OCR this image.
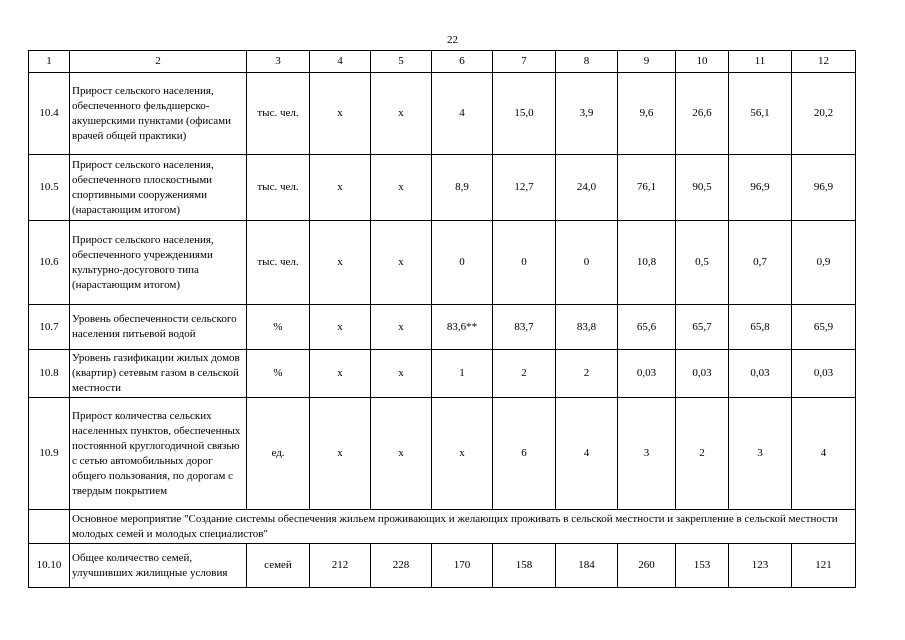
22
1	2	3	4	5	6	7	8	9	10	11	12
10.4	Прирост сельского населения, обеспеченного фельдшерско-акушерскими пунктами (офисами врачей общей практики)	тыс. чел.	х	х	4	15,0	3,9	9,6	26,6	56,1	20,2
10.5	Прирост сельского населения, обеспеченного плоскостными спортивными сооружениями (нарастающим итогом)	тыс. чел.	х	х	8,9	12,7	24,0	76,1	90,5	96,9	96,9
10.6	Прирост сельского населения, обеспеченного учреждениями культурно-досугового типа (нарастающим итогом)	тыс. чел.	х	х	0	0	0	10,8	0,5	0,7	0,9
10.7	Уровень обеспеченности сельского населения питьевой водой	%	х	х	83,6**	83,7	83,8	65,6	65,7	65,8	65,9
10.8	Уровень газификации жилых домов (квартир) сетевым газом в сельской местности	%	х	х	1	2	2	0,03	0,03	0,03	0,03
10.9	Прирост количества сельских населенных пунктов, обеспеченных постоянной круглогодичной связью с сетью автомобильных дорог общего пользования, по дорогам с твердым покрытием	ед.	х	х	х	6	4	3	2	3	4
	Основное мероприятие "Создание системы обеспечения жильем проживающих и желающих проживать в сельской местности и закрепление в сельской местности молодых семей и молодых специалистов"										
10.10	Общее количество семей, улучшивших жилищные условия	семей	212	228	170	158	184	260	153	123	121
